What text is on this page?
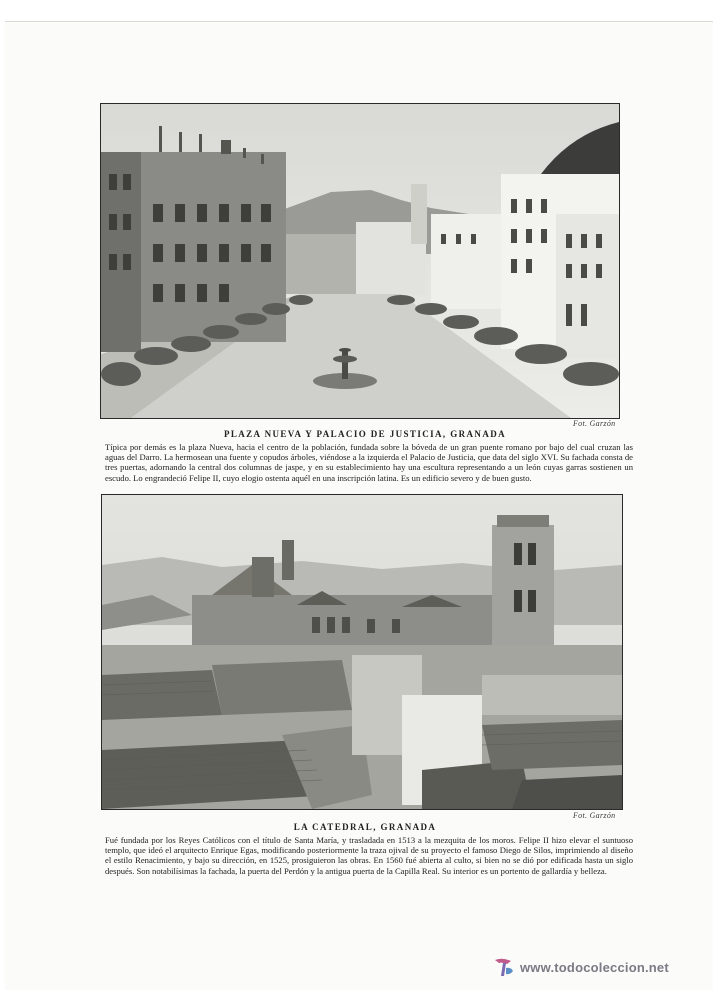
Fot. Garzón
PLAZA NUEVA Y PALACIO DE JUSTICIA, GRANADA

Típica por demás es la plaza Nueva, hacia el centro de la población, fundada sobre la bóveda de un gran puente romano por bajo del cual cruzan las aguas del Darro. La hermosean una fuente y copudos árboles, viéndose a la izquierda el Palacio de Justicia, que data del siglo XVI. Su fachada consta de tres puertas, adornando la central dos columnas de jaspe, y en su establecimiento hay una escultura representando a un león cuyas garras sostienen un escudo. Lo engrandeció Felipe II, cuyo elogio ostenta aquél en una inscripción latina. Es un edificio severo y de buen gusto.

Fot. Garzón
LA CATEDRAL, GRANADA

Fué fundada por los Reyes Católicos con el título de Santa María, y trasladada en 1513 a la mezquita de los moros. Felipe II hizo elevar el suntuoso templo, que ideó el arquitecto Enrique Egas, modificando posteriormente la traza ojival de su proyecto el famoso Diego de Silos, imprimiendo al diseño el estilo Renacimiento, y bajo su dirección, en 1525, prosiguieron las obras. En 1560 fué abierta al culto, si bien no se dió por edificada hasta un siglo después. Son notabilísimas la fachada, la puerta del Perdón y la antigua puerta de la Capilla Real. Su interior es un portento de gallardía y belleza.

www.todocoleccion.net
